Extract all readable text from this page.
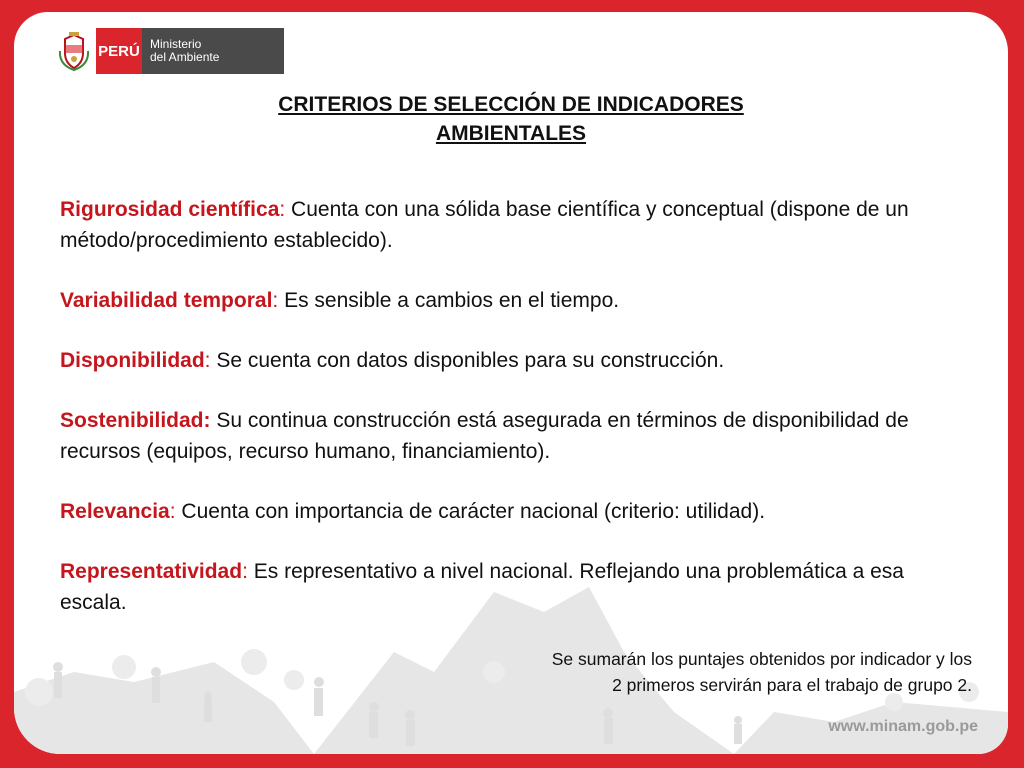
PERÚ Ministerio
del Ambiente
CRITERIOS DE SELECCIÓN DE INDICADORES
AMBIENTALES

Rigurosidad científica: Cuenta con una sólida base científica y conceptual (dispone de un método/procedimiento establecido).

Variabilidad temporal: Es sensible a cambios en el tiempo.

Disponibilidad: Se cuenta con datos disponibles para su construcción.

Sostenibilidad: Su continua construcción está asegurada en términos de disponibilidad de recursos (equipos, recurso humano, financiamiento).

Relevancia: Cuenta con importancia de carácter nacional (criterio: utilidad).

Representatividad: Es representativo a nivel nacional. Reflejando una problemática a esa escala.

Se sumarán los puntajes obtenidos por indicador y los
2 primeros servirán para el trabajo de grupo 2.
www.minam.gob.pe
